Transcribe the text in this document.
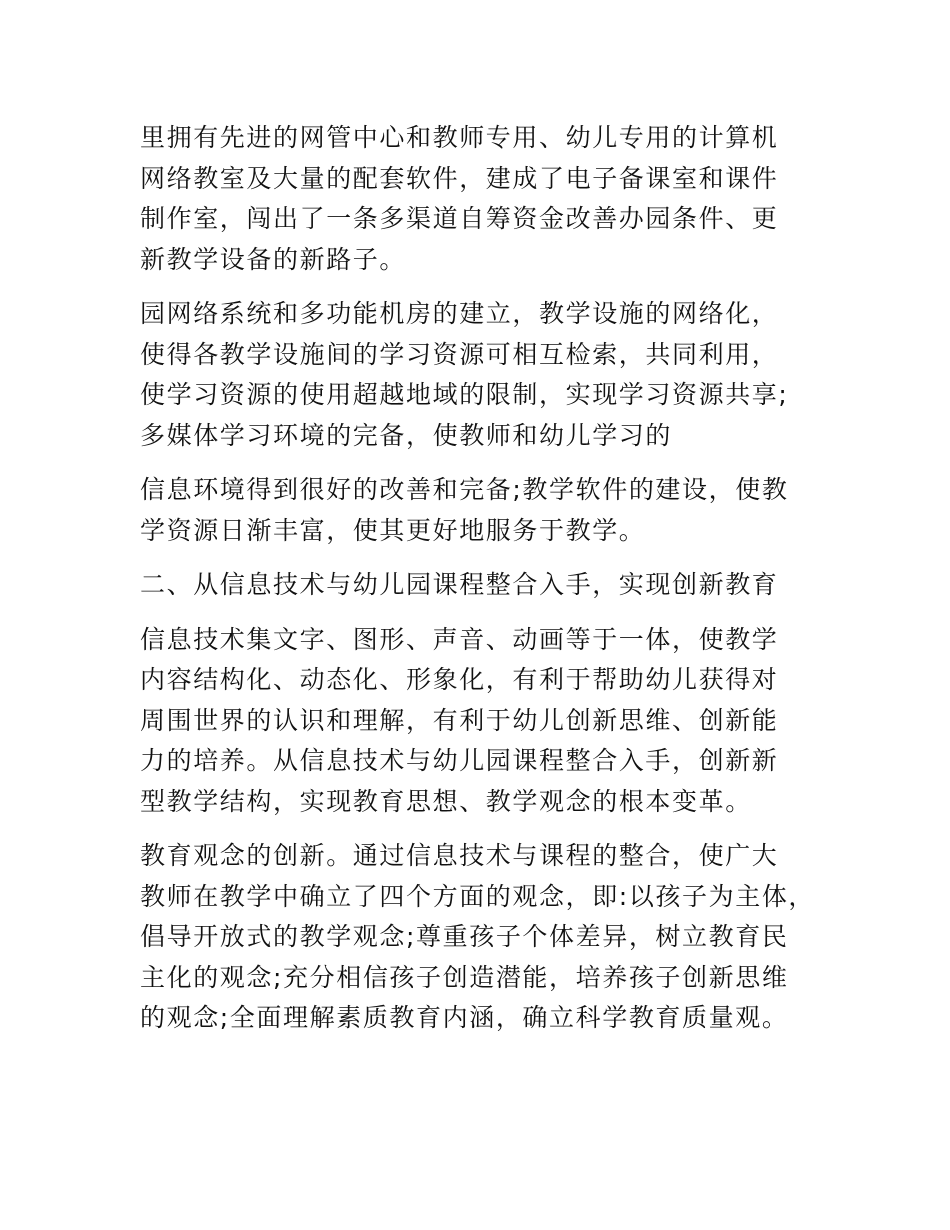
里拥有先进的网管中心和教师专用、幼儿专用的计算机
网络教室及大量的配套软件，建成了电子备课室和课件
制作室，闯出了一条多渠道自筹资金改善办园条件、更
新教学设备的新路子。

园网络系统和多功能机房的建立，教学设施的网络化，
使得各教学设施间的学习资源可相互检索，共同利用，
使学习资源的使用超越地域的限制，实现学习资源共享;
多媒体学习环境的完备，使教师和幼儿学习的

信息环境得到很好的改善和完备;教学软件的建设，使教
学资源日渐丰富，使其更好地服务于教学。

二、从信息技术与幼儿园课程整合入手，实现创新教育

信息技术集文字、图形、声音、动画等于一体，使教学
内容结构化、动态化、形象化，有利于帮助幼儿获得对
周围世界的认识和理解，有利于幼儿创新思维、创新能
力的培养。从信息技术与幼儿园课程整合入手，创新新
型教学结构，实现教育思想、教学观念的根本变革。

教育观念的创新。通过信息技术与课程的整合，使广大
教师在教学中确立了四个方面的观念，即:以孩子为主体，
倡导开放式的教学观念;尊重孩子个体差异，树立教育民
主化的观念;充分相信孩子创造潜能，培养孩子创新思维
的观念;全面理解素质教育内涵，确立科学教育质量观。
